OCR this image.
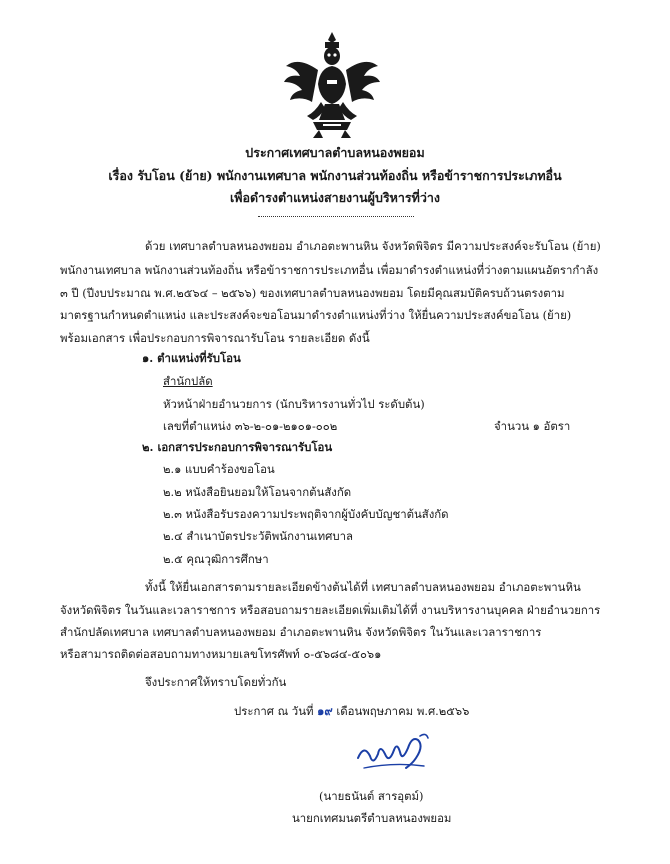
ประกาศเทศบาลตำบลหนองพยอม
เรื่อง รับโอน (ย้าย) พนักงานเทศบาล พนักงานส่วนท้องถิ่น หรือข้าราชการประเภทอื่น
เพื่อดำรงตำแหน่งสายงานผู้บริหารที่ว่าง
ด้วย เทศบาลตำบลหนองพยอม อำเภอตะพานหิน จังหวัดพิจิตร มีความประสงค์จะรับโอน (ย้าย)
พนักงานเทศบาล พนักงานส่วนท้องถิ่น หรือข้าราชการประเภทอื่น เพื่อมาดำรงตำแหน่งที่ว่างตามแผนอัตรากำลัง
๓ ปี (ปีงบประมาณ พ.ศ.๒๕๖๔ – ๒๕๖๖) ของเทศบาลตำบลหนองพยอม โดยมีคุณสมบัติครบถ้วนตรงตาม
มาตรฐานกำหนดตำแหน่ง และประสงค์จะขอโอนมาดำรงตำแหน่งที่ว่าง ให้ยื่นความประสงค์ขอโอน (ย้าย)
พร้อมเอกสาร เพื่อประกอบการพิจารณารับโอน รายละเอียด ดังนี้
๑. ตำแหน่งที่รับโอน
สำนักปลัด
หัวหน้าฝ่ายอำนวยการ (นักบริหารงานทั่วไป ระดับต้น)
เลขที่ตำแหน่ง ๓๖-๒-๐๑-๒๑๐๑-๐๐๒	จำนวน ๑ อัตรา
๒. เอกสารประกอบการพิจารณารับโอน
๒.๑ แบบคำร้องขอโอน
๒.๒ หนังสือยินยอมให้โอนจากต้นสังกัด
๒.๓ หนังสือรับรองความประพฤติจากผู้บังคับบัญชาต้นสังกัด
๒.๔ สำเนาบัตรประวัติพนักงานเทศบาล
๒.๕ คุณวุฒิการศึกษา
ทั้งนี้ ให้ยื่นเอกสารตามรายละเอียดข้างต้นได้ที่ เทศบาลตำบลหนองพยอม อำเภอตะพานหิน
จังหวัดพิจิตร ในวันและเวลาราชการ หรือสอบถามรายละเอียดเพิ่มเติมได้ที่ งานบริหารงานบุคคล ฝ่ายอำนวยการ
สำนักปลัดเทศบาล เทศบาลตำบลหนองพยอม อำเภอตะพานหิน จังหวัดพิจิตร ในวันและเวลาราชการ
หรือสามารถติดต่อสอบถามทางหมายเลขโทรศัพท์ ๐-๕๖๘๔-๕๐๖๑
จึงประกาศให้ทราบโดยทั่วกัน
ประกาศ ณ วันที่ ๑๙ เดือนพฤษภาคม พ.ศ.๒๕๖๖
(นายธนันต์ สารอุตม์)
นายกเทศมนตรีตำบลหนองพยอม
